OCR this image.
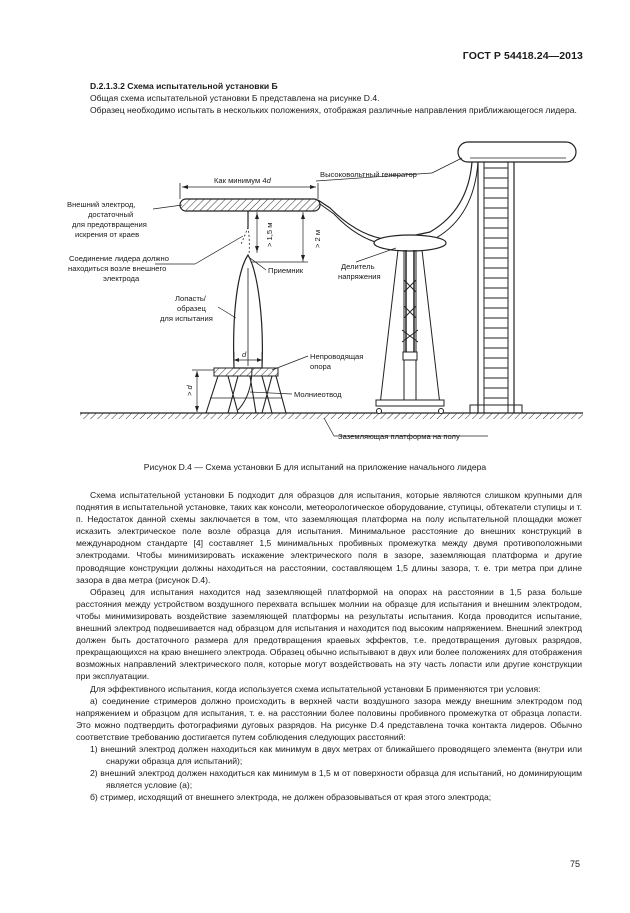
ГОСТ Р 54418.24—2013

D.2.1.3.2 Схема испытательной установки Б

Общая схема испытательной установки Б представлена на рисунке D.4.

Образец необходимо испытать в нескольких положениях, отображая различные направления приближающегося лидера.

Как минимум 4d
Высоковольтный генератор
Внешний электрод,
достаточный
для предотвращения
искрения от краев
Соединение лидера должно
находиться возле внешнего
электрода
> 1,5 м	> 2 м
Приемник	Делитель
напряжения
Лопасть/
образец
для испытания
d	Непроводящая
опора
> d	Молниеотвод
Заземляющая платформа на полу
Рисунок D.4 — Схема установки Б для испытаний на приложение начального лидера

Схема испытательной установки Б подходит для образцов для испытания, которые являются слишком крупными для поднятия в испытательной установке, таких как консоли, метеорологическое оборудование, ступицы, обтекатели ступицы и т. п. Недостаток данной схемы заключается в том, что заземляющая платформа на полу испытательной площадки может исказить электрическое поле возле образца для испытания. Минимальное расстояние до внешних конструкций в международном стандарте [4] составляет 1,5 минимальных пробивных промежутка между двумя противоположными электродами. Чтобы минимизировать искажение электрического поля в зазоре, заземляющая платформа и другие проводящие конструкции должны находиться на расстоянии, составляющем 1,5 длины зазора, т. е. три метра при длине зазора в два метра (рисунок D.4).

Образец для испытания находится над заземляющей платформой на опорах на расстоянии в 1,5 раза больше расстояния между устройством воздушного перехвата вспышек молнии на образце для испытания и внешним электродом, чтобы минимизировать воздействие заземляющей платформы на результаты испытания. Когда проводится испытание, внешний электрод подвешивается над образцом для испытания и находится под высоким напряжением. Внешний электрод должен быть достаточного размера для предотвращения краевых эффектов, т.е. предотвращения дуговых разрядов, прекращающихся на краю внешнего электрода. Образец обычно испытывают в двух или более положениях для отображения возможных направлений электрического поля, которые могут воздействовать на эту часть лопасти или другие конструкции при эксплуатации.

Для эффективного испытания, когда используется схема испытательной установки Б применяются три условия:

а) соединение стримеров должно происходить в верхней части воздушного зазора между внешним электродом под напряжением и образцом для испытания, т. е. на расстоянии более половины пробивного промежутка от образца лопасти. Это можно подтвердить фотографиями дуговых разрядов. На рисунке D.4 представлена точка контакта лидеров. Обычно соответствие требованию достигается путем соблюдения следующих расстояний:

1) внешний электрод должен находиться как минимум в двух метрах от ближайшего проводящего элемента (внутри или снаружи образца для испытаний);

2) внешний электрод должен находиться как минимум в 1,5 м от поверхности образца для испытаний, но доминирующим является условие (а);

б) стример, исходящий от внешнего электрода, не должен образовываться от края этого электрода;

75
